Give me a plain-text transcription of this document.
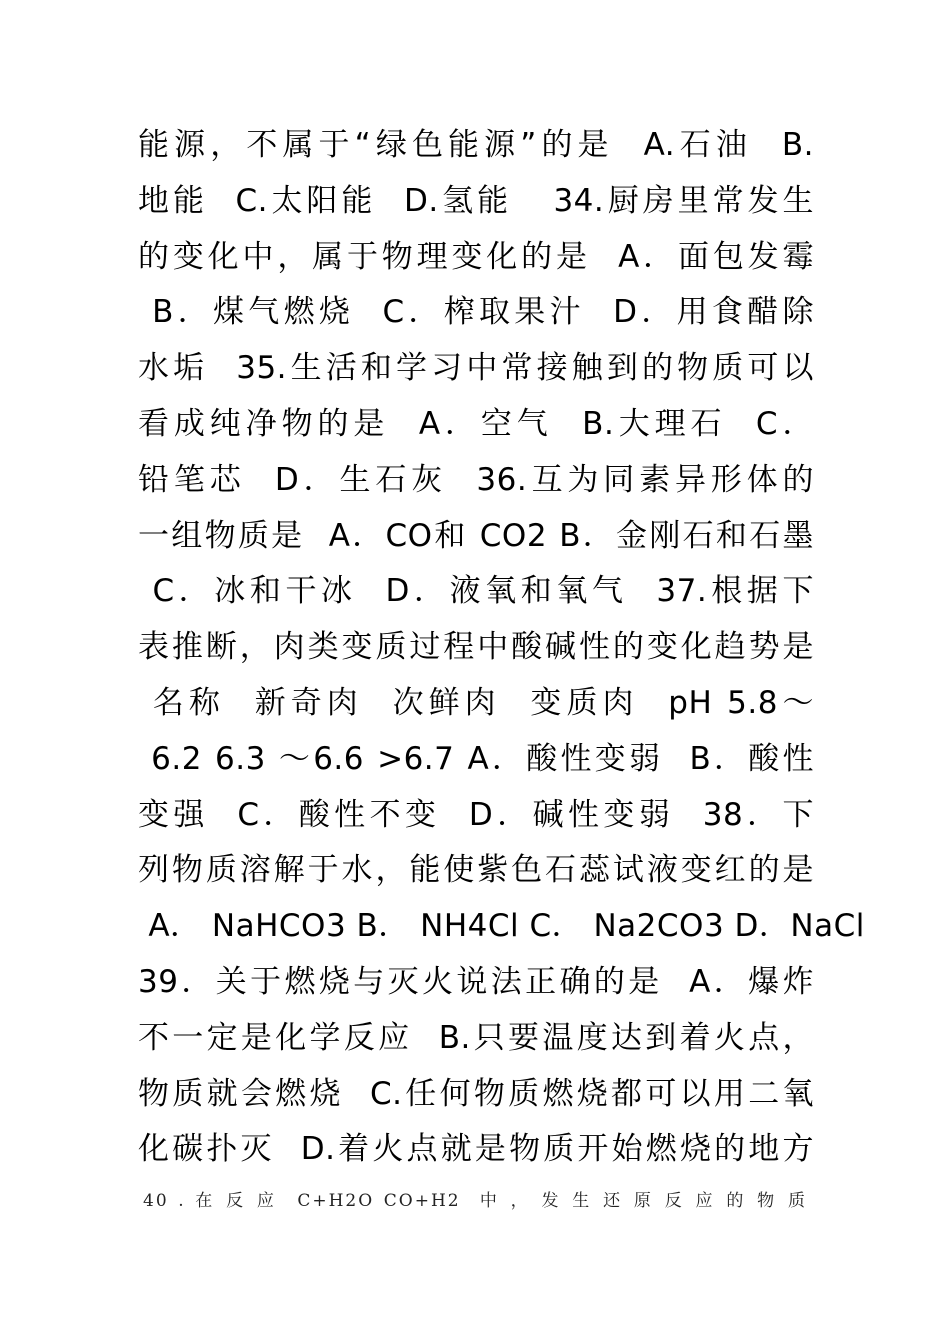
能源，不属于“绿色能源”的是  A.石油  B.
地能  C.太阳能  D.氢能   34.厨房里常发生
的变化中，属于物理变化的是  A．面包发霉
B．煤气燃烧  C．榨取果汁  D．用食醋除
水垢  35.生活和学习中常接触到的物质可以
看成纯净物的是  A．空气  B.大理石  C．
铅笔芯  D．生石灰  36.互为同素异形体的
一组物质是  A．CO和 CO2 B．金刚石和石墨
C．冰和干冰  D．液氧和氧气  37.根据下
表推断，肉类变质过程中酸碱性的变化趋势是
名称  新奇肉  次鲜肉  变质肉  pH 5.8～
6.2 6.3 ～6.6 >6.7 A．酸性变弱  B．酸性
变强  C．酸性不变  D．碱性变弱  38．下
列物质溶解于水，能使紫色石蕊试液变红的是
A． NaHCO3 B． NH4Cl C． Na2CO3 D．NaCl
39．关于燃烧与灭火说法正确的是  A．爆炸
不一定是化学反应  B.只要温度达到着火点，
物质就会燃烧  C.任何物质燃烧都可以用二氧
化碳扑灭  D.着火点就是物质开始燃烧的地方
40 . 在 反 应  C+H2O CO+H2  中 ， 发 生 还 原 反 应 的 物 质
